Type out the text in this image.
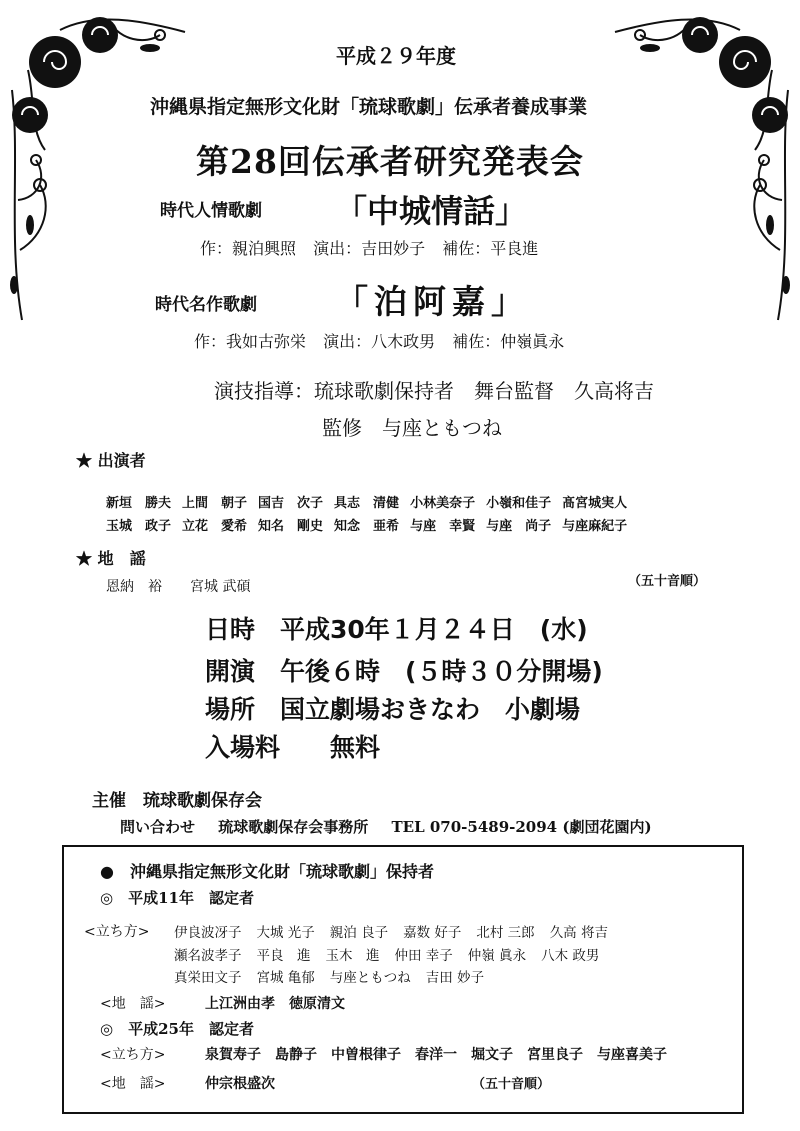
平成２９年度
沖縄県指定無形文化財「琉球歌劇」伝承者養成事業
第28回伝承者研究発表会
時代人情歌劇 「中城情話」
作：親泊興照 演出：吉田妙子 補佐：平良進
時代名作歌劇 「泊阿嘉」
作：我如古弥栄 演出：八木政男 補佐：仲嶺眞永
演技指導：琉球歌劇保持者　舞台監督　久高将吉
監修　与座ともつね
★ 出演者
新垣　勝夫 上間　朝子 国吉　次子 具志　清健 小林美奈子 小嶺和佳子 髙宮城実人
玉城　政子 立花　愛希 知名　剛史 知念　亜希 与座　幸賢 与座　尚子 与座麻紀子
★ 地　謡
恩納　裕　　宮城 武碩	（五十音順）
日時　平成30年１月２４日　(水)
開演　午後６時　(５時３０分開場)
場所　国立劇場おきなわ　小劇場
入場料　　無料
主催　琉球歌劇保存会
問い合わせ 琉球歌劇保存会事務所 TEL 070-5489-2094 (劇団花園内)
●　沖縄県指定無形文化財「琉球歌劇」保持者
◎　平成11年　認定者
<立ち方> 伊良波冴子 大城 光子 親泊 良子 嘉数 好子 北村 三郎 久高 将吉
瀬名波孝子 平良　進 玉木　進 仲田 幸子 仲嶺 眞永 八木 政男
真栄田文子 宮城 亀郁 与座ともつね 吉田 妙子
<地　謡>	上江洲由孝　徳原清文
◎　平成25年　認定者
<立ち方>	泉賀寿子　島静子　中曽根律子　春洋一　堀文子　宮里良子　与座喜美子
<地　謡>	仲宗根盛次	（五十音順）
